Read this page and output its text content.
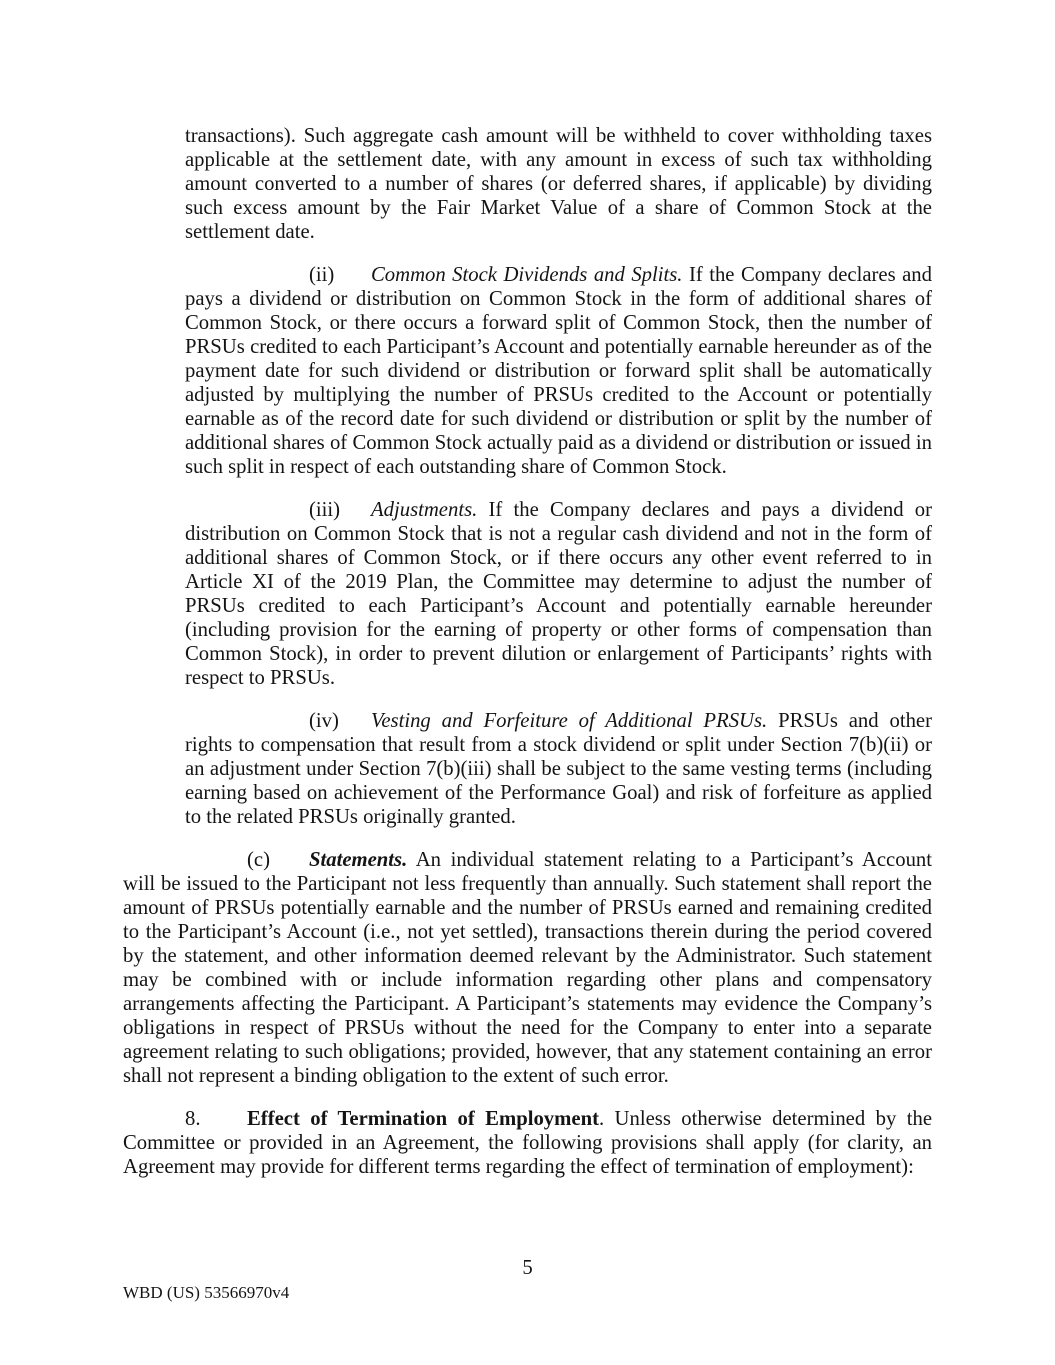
transactions). Such aggregate cash amount will be withheld to cover withholding taxes applicable at the settlement date, with any amount in excess of such tax withholding amount converted to a number of shares (or deferred shares, if applicable) by dividing such excess amount by the Fair Market Value of a share of Common Stock at the settlement date.

(ii) Common Stock Dividends and Splits. If the Company declares and pays a dividend or distribution on Common Stock in the form of additional shares of Common Stock, or there occurs a forward split of Common Stock, then the number of PRSUs credited to each Participant’s Account and potentially earnable hereunder as of the payment date for such dividend or distribution or forward split shall be automatically adjusted by multiplying the number of PRSUs credited to the Account or potentially earnable as of the record date for such dividend or distribution or split by the number of additional shares of Common Stock actually paid as a dividend or distribution or issued in such split in respect of each outstanding share of Common Stock.

(iii) Adjustments. If the Company declares and pays a dividend or distribution on Common Stock that is not a regular cash dividend and not in the form of additional shares of Common Stock, or if there occurs any other event referred to in Article XI of the 2019 Plan, the Committee may determine to adjust the number of PRSUs credited to each Participant’s Account and potentially earnable hereunder (including provision for the earning of property or other forms of compensation than Common Stock), in order to prevent dilution or enlargement of Participants’ rights with respect to PRSUs.

(iv) Vesting and Forfeiture of Additional PRSUs. PRSUs and other rights to compensation that result from a stock dividend or split under Section 7(b)(ii) or an adjustment under Section 7(b)(iii) shall be subject to the same vesting terms (including earning based on achievement of the Performance Goal) and risk of forfeiture as applied to the related PRSUs originally granted.

(c) Statements. An individual statement relating to a Participant’s Account will be issued to the Participant not less frequently than annually. Such statement shall report the amount of PRSUs potentially earnable and the number of PRSUs earned and remaining credited to the Participant’s Account (i.e., not yet settled), transactions therein during the period covered by the statement, and other information deemed relevant by the Administrator. Such statement may be combined with or include information regarding other plans and compensatory arrangements affecting the Participant. A Participant’s statements may evidence the Company’s obligations in respect of PRSUs without the need for the Company to enter into a separate agreement relating to such obligations; provided, however, that any statement containing an error shall not represent a binding obligation to the extent of such error.

8. Effect of Termination of Employment. Unless otherwise determined by the Committee or provided in an Agreement, the following provisions shall apply (for clarity, an Agreement may provide for different terms regarding the effect of termination of employment):

5
WBD (US) 53566970v4
